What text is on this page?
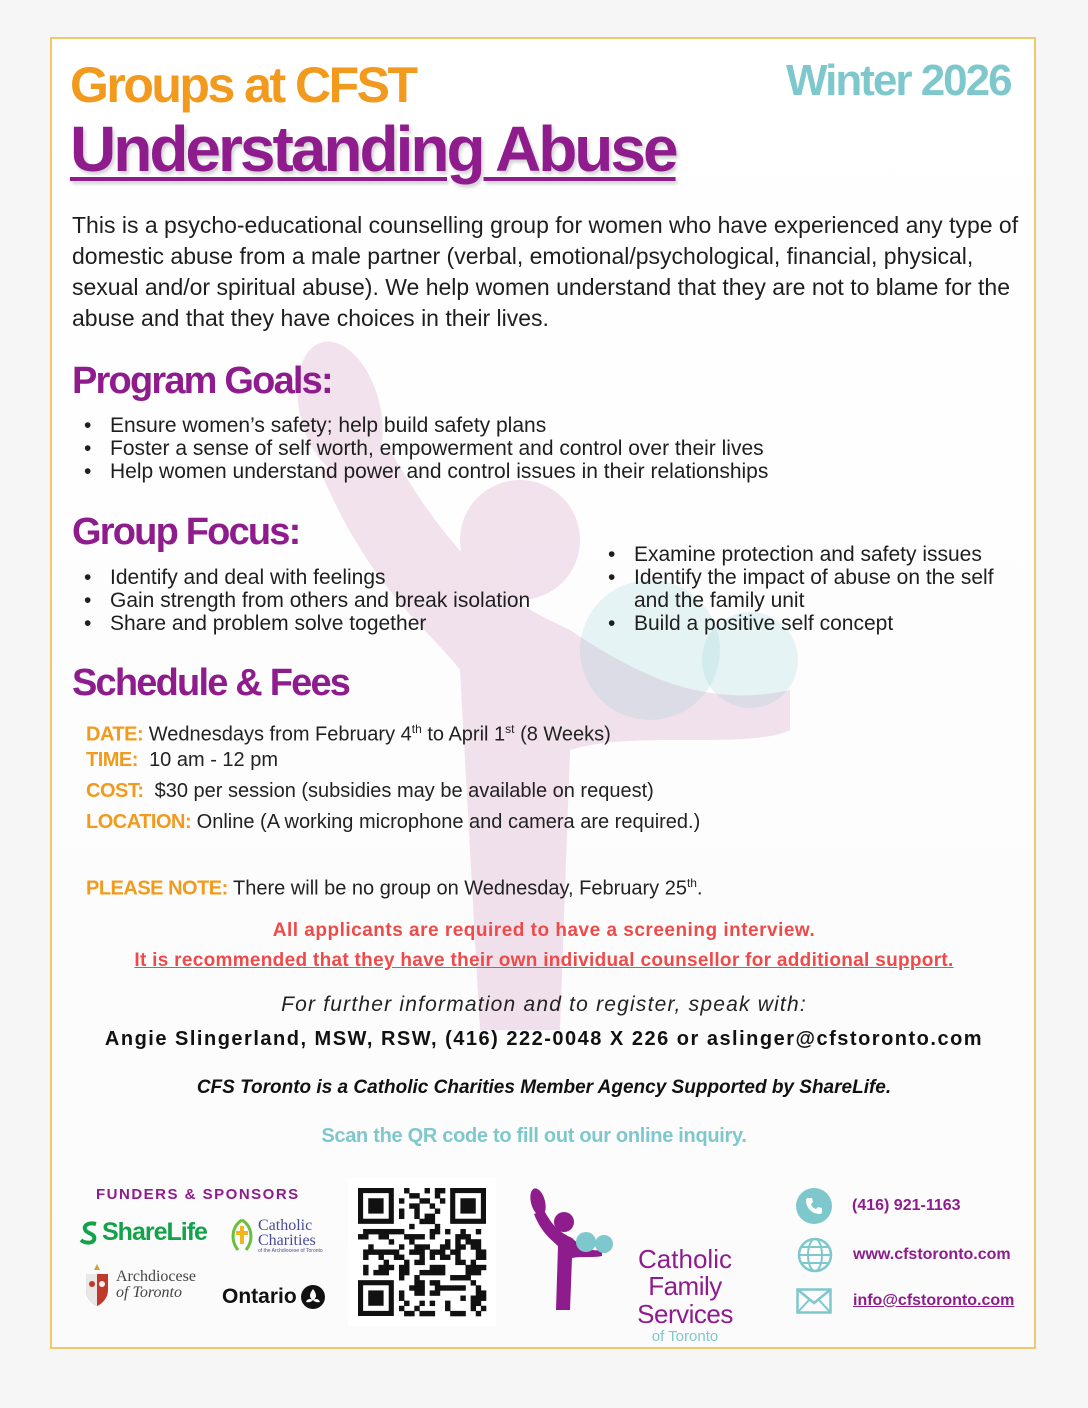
Groups at CFST	Winter 2026
Understanding Abuse

This is a psycho-educational counselling group for women who have experienced any type of domestic abuse from a male partner (verbal, emotional/psychological, financial, physical, sexual and/or spiritual abuse). We help women understand that they are not to blame for the abuse and that they have choices in their lives.

Program Goals:
• Ensure women’s safety; help build safety plans
• Foster a sense of self worth, empowerment and control over their lives
• Help women understand power and control issues in their relationships
Group Focus:
• Identify and deal with feelings
• Gain strength from others and break isolation
• Share and problem solve together
• Examine protection and safety issues
• Identify the impact of abuse on the self and the family unit
• Build a positive self concept
Schedule & Fees
DATE: Wednesdays from February 4th to April 1st (8 Weeks)
TIME: 10 am - 12 pm
COST: $30 per session (subsidies may be available on request)
LOCATION: Online (A working microphone and camera are required.)
PLEASE NOTE: There will be no group on Wednesday, February 25th.
All applicants are required to have a screening interview.
It is recommended that they have their own individual counsellor for additional support.
For further information and to register, speak with:
Angie Slingerland, MSW, RSW, (416) 222-0048 X 226 or aslinger@cfstoronto.com
CFS Toronto is a Catholic Charities Member Agency Supported by ShareLife.
Scan the QR code to fill out our online inquiry.
FUNDERS & SPONSORS
ShareLife	Catholic
Charities
of the Archdiocese of Toronto
Archdiocese
of Toronto	Ontario
Catholic
Family Services
of Toronto
(416) 921-1163
www.cfstoronto.com
info@cfstoronto.com
